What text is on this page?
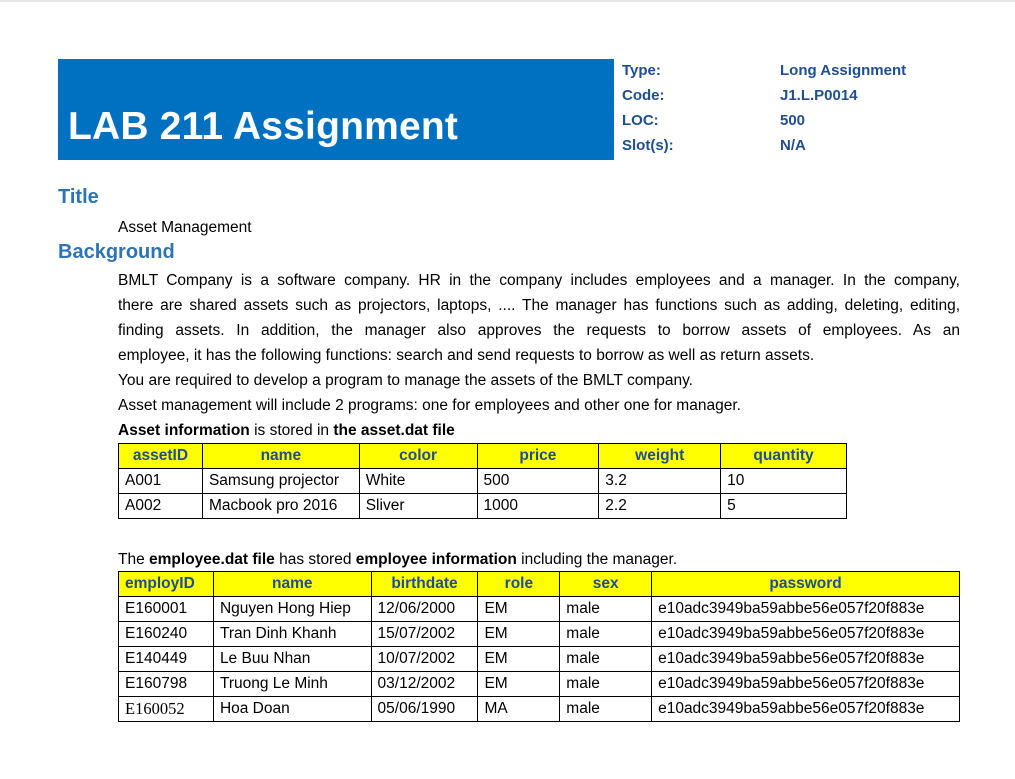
LAB 211 Assignment
Type:	Long Assignment
Code:	J1.L.P0014
LOC:	500
Slot(s):	N/A
Title
Asset Management
Background
BMLT Company is a software company. HR in the company includes employees and a manager. In the company,
there are shared assets such as projectors, laptops, .... The manager has functions such as adding, deleting, editing,
finding assets. In addition, the manager also approves the requests to borrow assets of employees. As an
employee, it has the following functions: search and send requests to borrow as well as return assets.
You are required to develop a program to manage the assets of the BMLT company.
Asset management will include 2 programs: one for employees and other one for manager.
Asset information is stored in the asset.dat file
assetID	name	color	price	weight	quantity
A001	Samsung projector	White	500	3.2	10
A002	Macbook pro 2016	Sliver	1000	2.2	5
The employee.dat file has stored employee information including the manager.
employID	name	birthdate	role	sex	password
E160001	Nguyen Hong Hiep	12/06/2000	EM	male	e10adc3949ba59abbe56e057f20f883e
E160240	Tran Dinh Khanh	15/07/2002	EM	male	e10adc3949ba59abbe56e057f20f883e
E140449	Le Buu Nhan	10/07/2002	EM	male	e10adc3949ba59abbe56e057f20f883e
E160798	Truong Le Minh	03/12/2002	EM	male	e10adc3949ba59abbe56e057f20f883e
E160052	Hoa Doan	05/06/1990	MA	male	e10adc3949ba59abbe56e057f20f883e
